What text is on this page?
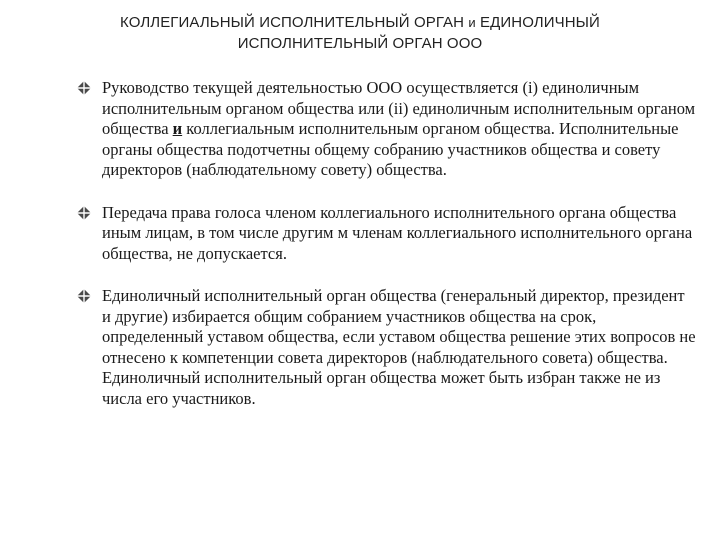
КОЛЛЕГИАЛЬНЫЙ ИСПОЛНИТЕЛЬНЫЙ ОРГАН и ЕДИНОЛИЧНЫЙ
ИСПОЛНИТЕЛЬНЫЙ ОРГАН ООО
Руководство текущей деятельностью ООО осуществляется (i) единоличным исполнительным органом общества или (ii) единоличным исполнительным органом общества и коллегиальным исполнительным органом общества. Исполнительные органы общества подотчетны общему собранию участников общества и совету директоров (наблюдательному совету) общества.
Передача права голоса членом коллегиального исполнительного органа общества иным лицам, в том числе другим м членам коллегиального исполнительного органа общества, не допускается.
Единоличный исполнительный орган общества (генеральный директор, президент и другие) избирается общим собранием участников общества на срок, определенный уставом общества, если уставом общества решение этих вопросов не отнесено к компетенции совета директоров (наблюдательного совета) общества. Единоличный исполнительный орган общества может быть избран также не из числа его участников.
